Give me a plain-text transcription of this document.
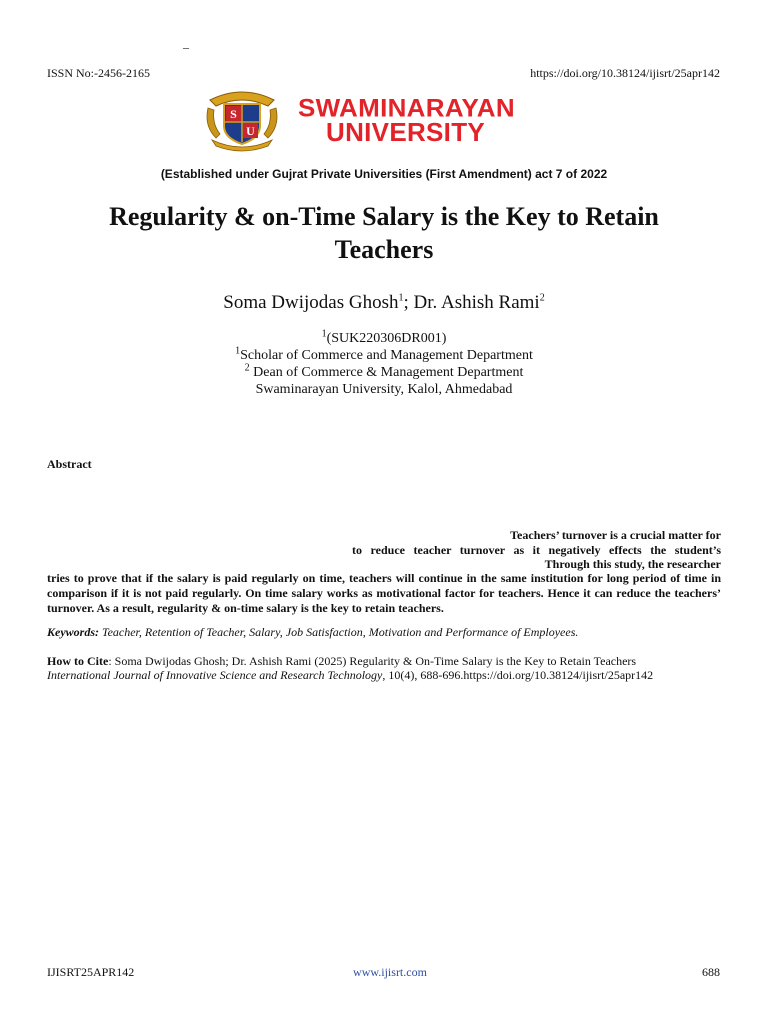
–
ISSN No:-2456-2165	https://doi.org/10.38124/ijisrt/25apr142
S
U
SWAMINARAYAN
UNIVERSITY
(Established under Gujrat Private Universities (First Amendment) act 7 of 2022
Regularity & on-Time Salary is the Key to Retain
Teachers
Soma Dwijodas Ghosh$^1$; Dr. Ashish Rami$^2$
$^1$(SUK220306DR001)
$^1$Scholar of Commerce and Management Department
$^2$ Dean of Commerce & Management Department
Swaminarayan University, Kalol, Ahmedabad
Abstract
Teachers’ turnover is a crucial matter for
to reduce teacher turnover as it negatively effects the student’s
Through this study, the researcher
tries to prove that if the salary is paid regularly on time, teachers will continue in the same institution for long period of time in comparison if it is not paid regularly. On time salary works as motivational factor for teachers. Hence it can reduce the teachers’ turnover. As a result, regularity & on-time salary is the key to retain teachers.
Keywords: Teacher, Retention of Teacher, Salary, Job Satisfaction, Motivation and Performance of Employees.
How to Cite: Soma Dwijodas Ghosh; Dr. Ashish Rami (2025) Regularity & On-Time Salary is the Key to Retain Teachers
International Journal of Innovative Science and Research Technology, 10(4), 688-696.https://doi.org/10.38124/ijisrt/25apr142
IJISRT25APR142	www.ijisrt.com	688
